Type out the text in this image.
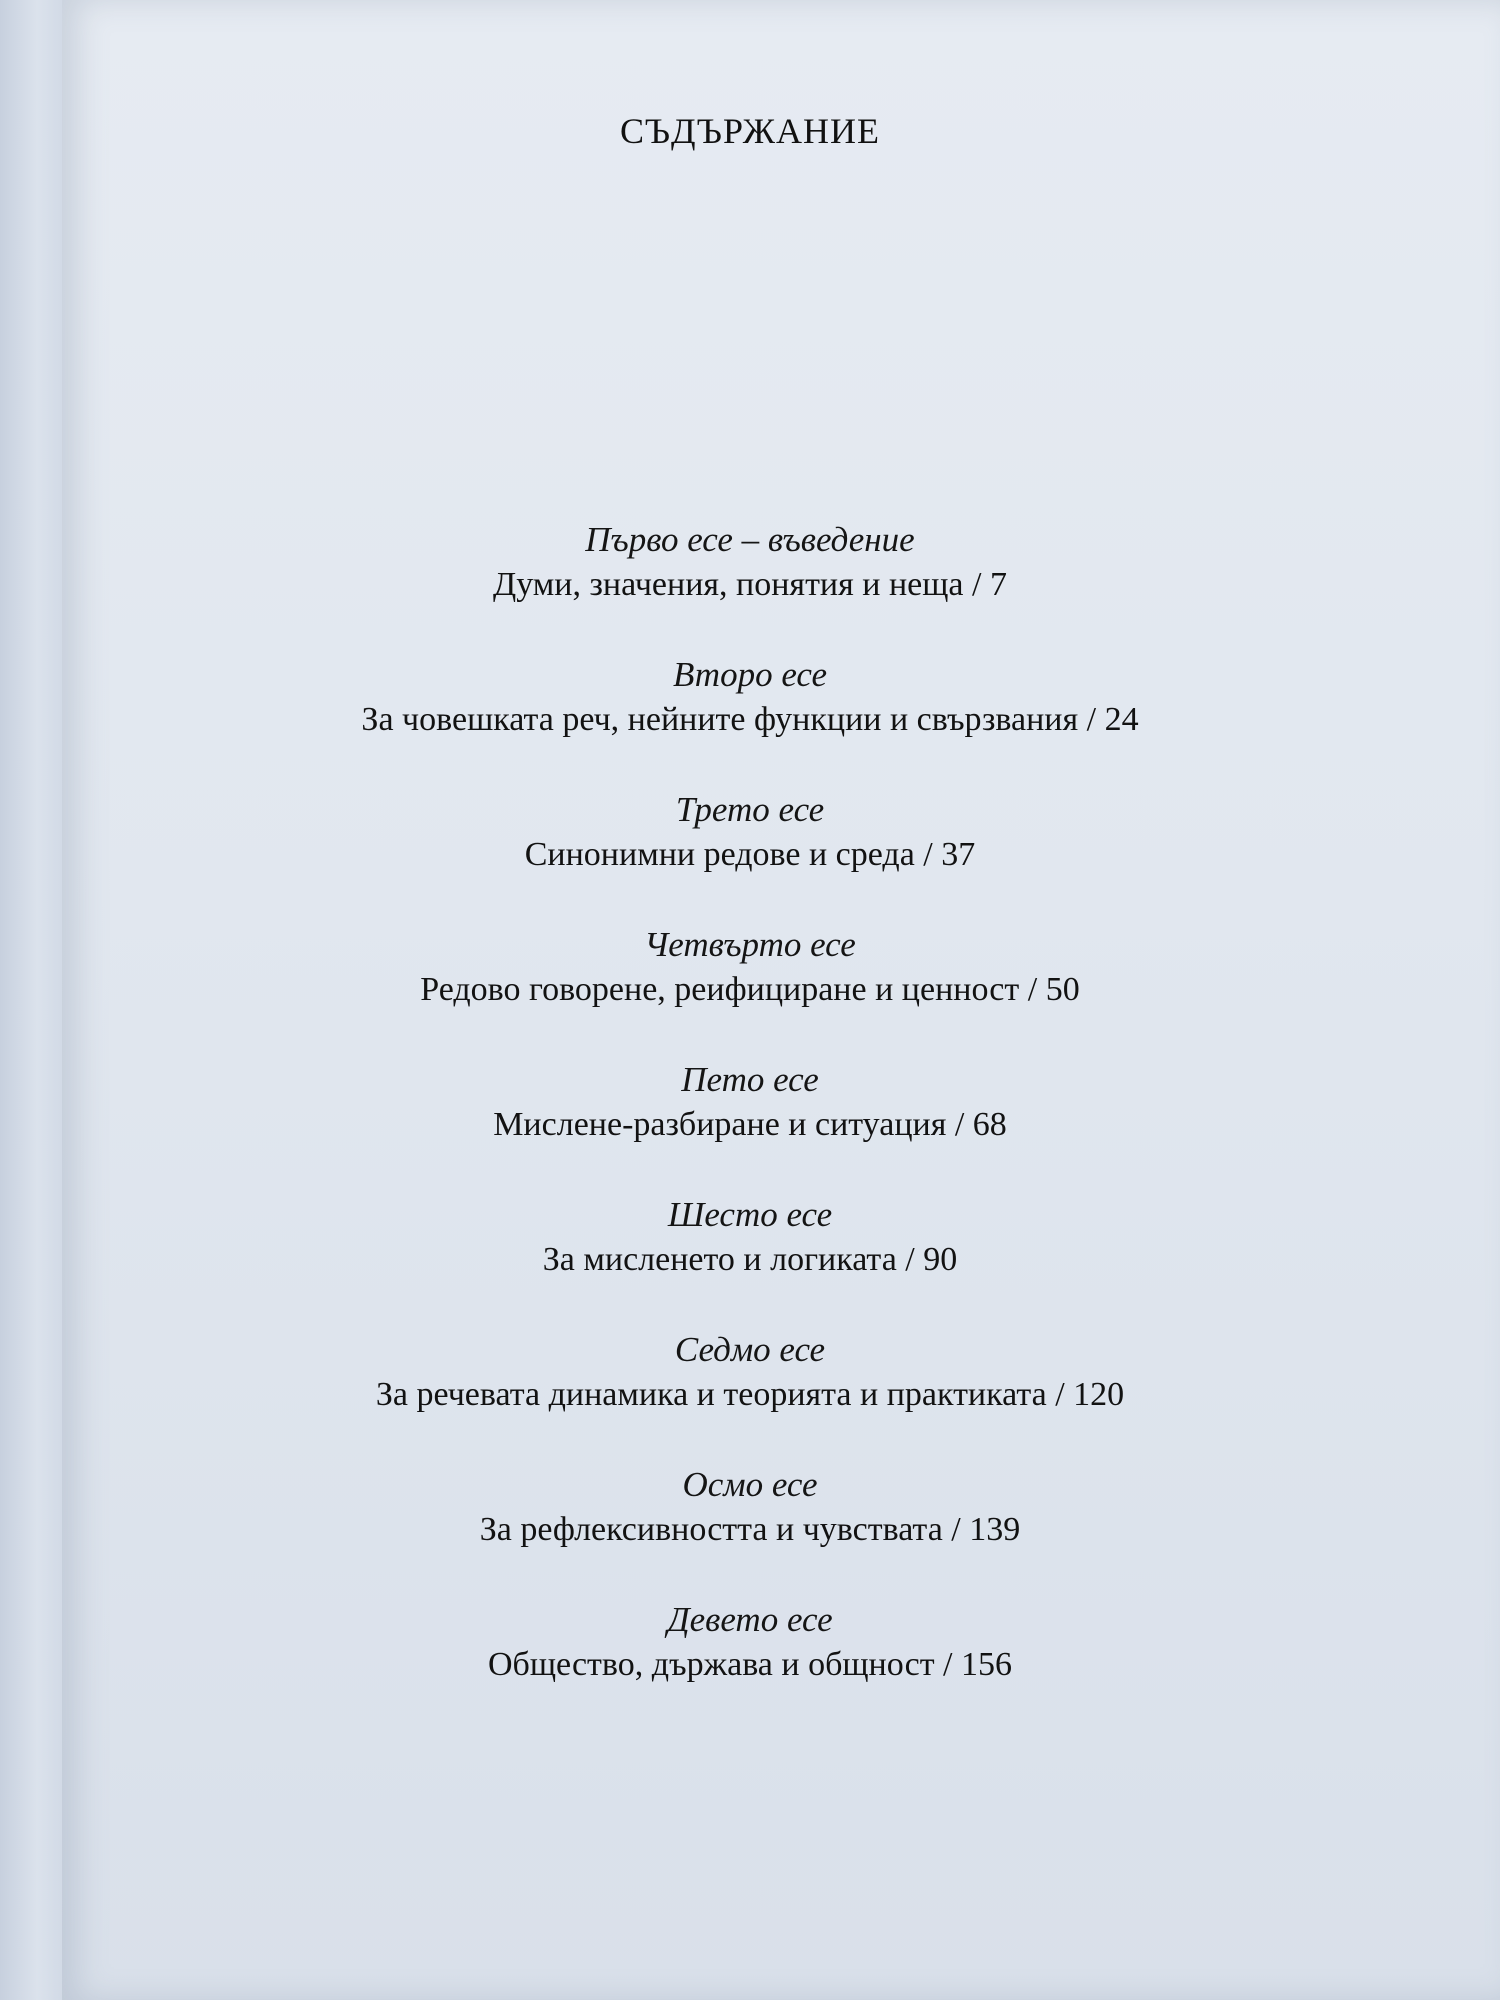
СЪДЪРЖАНИЕ
Първо есе – въведение
Думи, значения, понятия и неща / 7
Второ есе
За човешката реч, нейните функции и свързвания / 24
Трето есе
Синонимни редове и среда / 37
Четвърто есе
Редово говорене, реифициране и ценност / 50
Пето есе
Мислене-разбиране и ситуация / 68
Шесто есе
За мисленето и логиката / 90
Седмо есе
За речевата динамика и теорията и практиката / 120
Осмо есе
За рефлексивността и чувствата / 139
Девето есе
Общество, държава и общност / 156
